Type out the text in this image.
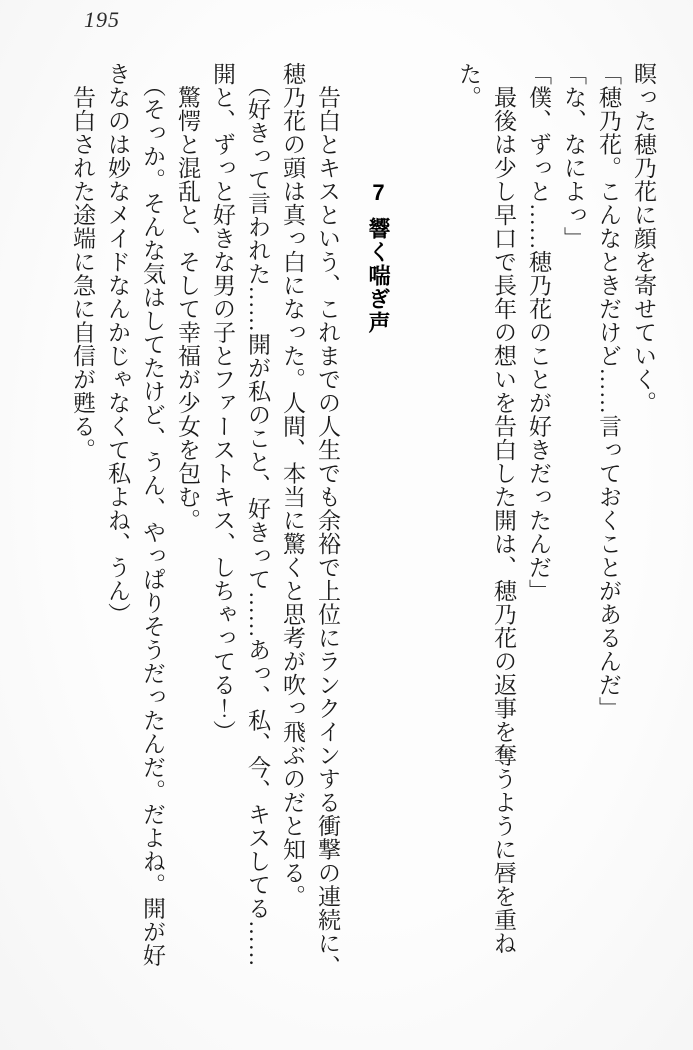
195

瞑った穂乃花に顔を寄せていく。

「穂乃花。こんなときだけど……言っておくことがあるんだ」

「な、なによっ」

「僕、ずっと……穂乃花のことが好きだったんだ」

　最後は少し早口で長年の想いを告白した開は、穂乃花の返事を奪うように唇を重ね

た。

7響く喘ぎ声

　告白とキスという、これまでの人生でも余裕で上位にランクインする衝撃の連続に、

穂乃花の頭は真っ白になった。人間、本当に驚くと思考が吹っ飛ぶのだと知る。

　（好きって言われた……開が私のこと、好きって……あっ、私、今、キスしてる……

開と、ずっと好きな男の子とファーストキス、しちゃってる！）

　驚愕と混乱と、そして幸福が少女を包む。

　（そっか。そんな気はしてたけど、うん、やっぱりそうだったんだ。だよね。開が好

きなのは妙なメイドなんかじゃなくて私よね、うん）

　告白された途端に急に自信が甦る。
